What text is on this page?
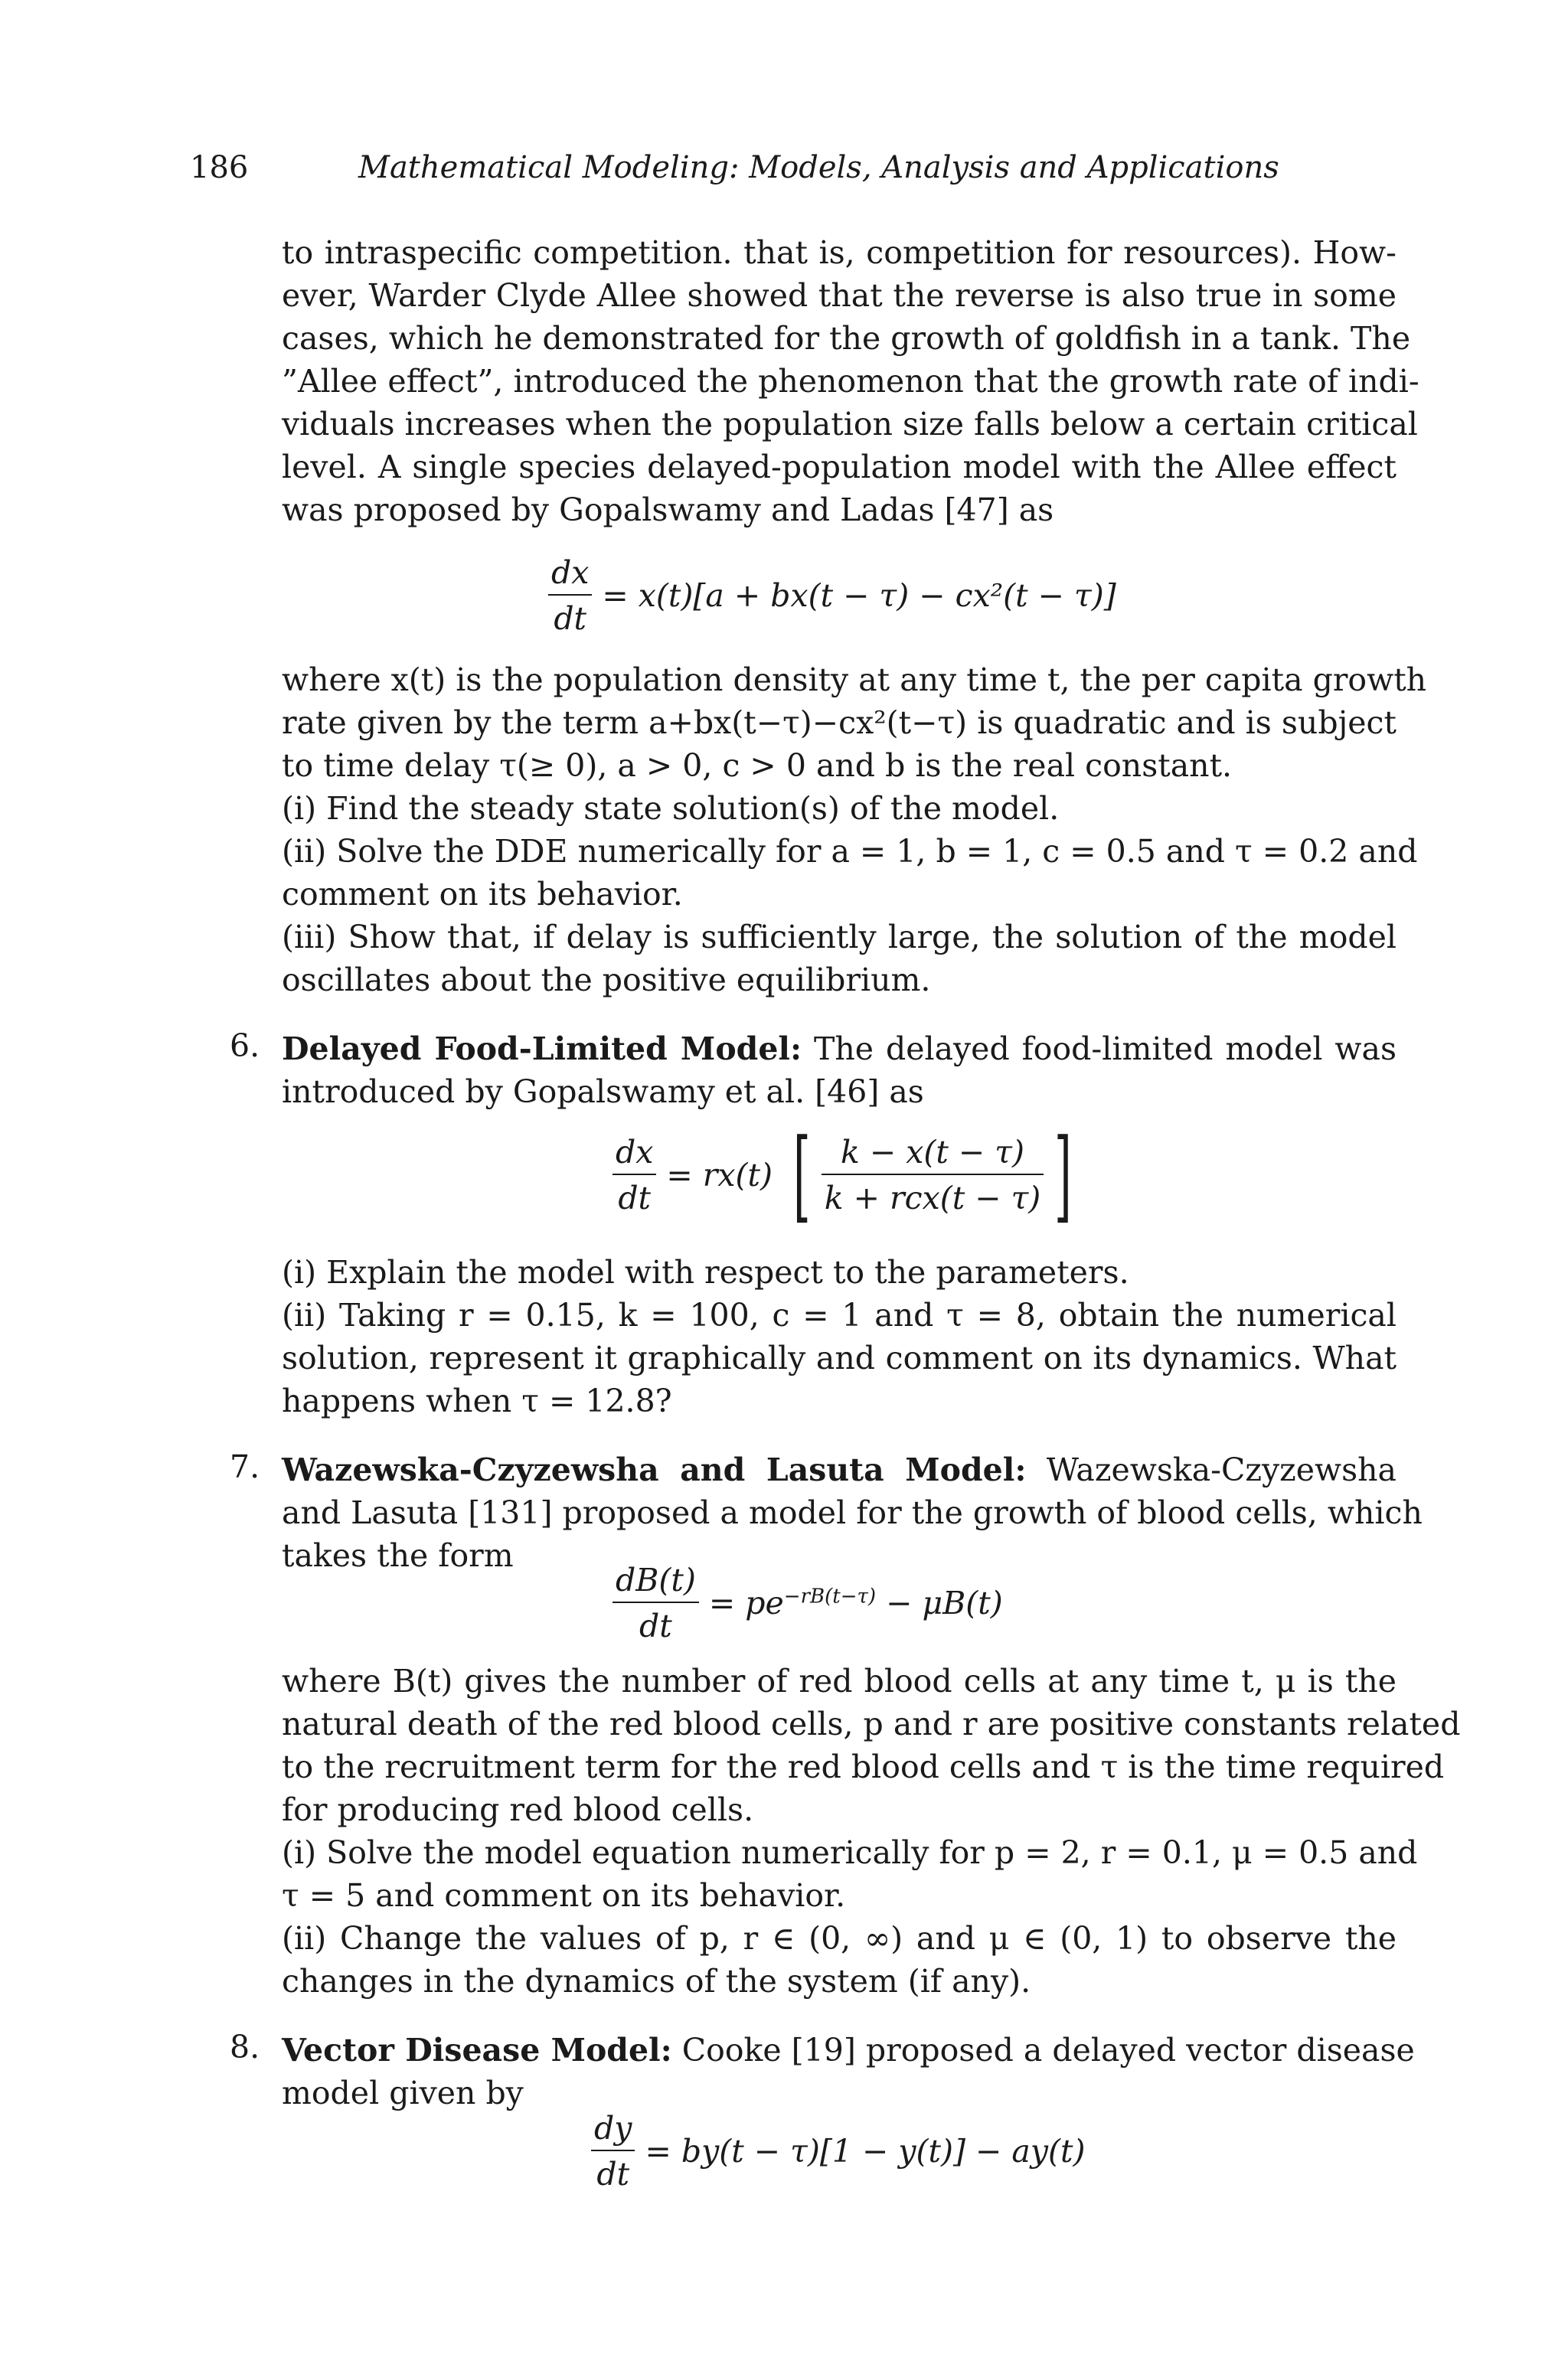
186	Mathematical Modeling: Models, Analysis and Applications
to intraspecific competition. that is, competition for resources). How-
ever, Warder Clyde Allee showed that the reverse is also true in some
cases, which he demonstrated for the growth of goldfish in a tank. The
”Allee effect”, introduced the phenomenon that the growth rate of indi-
viduals increases when the population size falls below a certain critical
level. A single species delayed-population model with the Allee effect
was proposed by Gopalswamy and Ladas [47] as
$\frac{dx}{dt} = x(t)[a + bx(t - \tau) - cx^2(t - \tau)]$
where x(t) is the population density at any time t, the per capita growth
rate given by the term a+bx(t−τ)−cx²(t−τ) is quadratic and is subject
to time delay τ(≥ 0), a > 0, c > 0 and b is the real constant.
(i) Find the steady state solution(s) of the model.
(ii) Solve the DDE numerically for a = 1, b = 1, c = 0.5 and τ = 0.2 and
comment on its behavior.
(iii) Show that, if delay is sufficiently large, the solution of the model
oscillates about the positive equilibrium.
6. Delayed Food-Limited Model: The delayed food-limited model was
introduced by Gopalswamy et al. [46] as
$\frac{dx}{dt} = rx(t)$ [ $\frac{k - x(t - \tau)}{\text{k + rcx(t − τ)}}$ ]
(i) Explain the model with respect to the parameters.
(ii) Taking r = 0.15, k = 100, c = 1 and τ = 8, obtain the numerical
solution, represent it graphically and comment on its dynamics. What
happens when τ = 12.8?
7. Wazewska-Czyzewsha and Lasuta Model: Wazewska-Czyzewsha
and Lasuta [131] proposed a model for the growth of blood cells, which
takes the form
$\frac{dB(t)}{dt} = pe^{-rB(t-\tau)} - \mu B(t)$
where B(t) gives the number of red blood cells at any time t, μ is the
natural death of the red blood cells, p and r are positive constants related
to the recruitment term for the red blood cells and τ is the time required
for producing red blood cells.
(i) Solve the model equation numerically for p = 2, r = 0.1, μ = 0.5 and
τ = 5 and comment on its behavior.
(ii) Change the values of p, r ∈ (0, ∞) and μ ∈ (0, 1) to observe the
changes in the dynamics of the system (if any).
8. Vector Disease Model: Cooke [19] proposed a delayed vector disease
model given by
$\frac{dy}{dt} = by(t - \tau)[1 - y(t)] - ay(t)$
